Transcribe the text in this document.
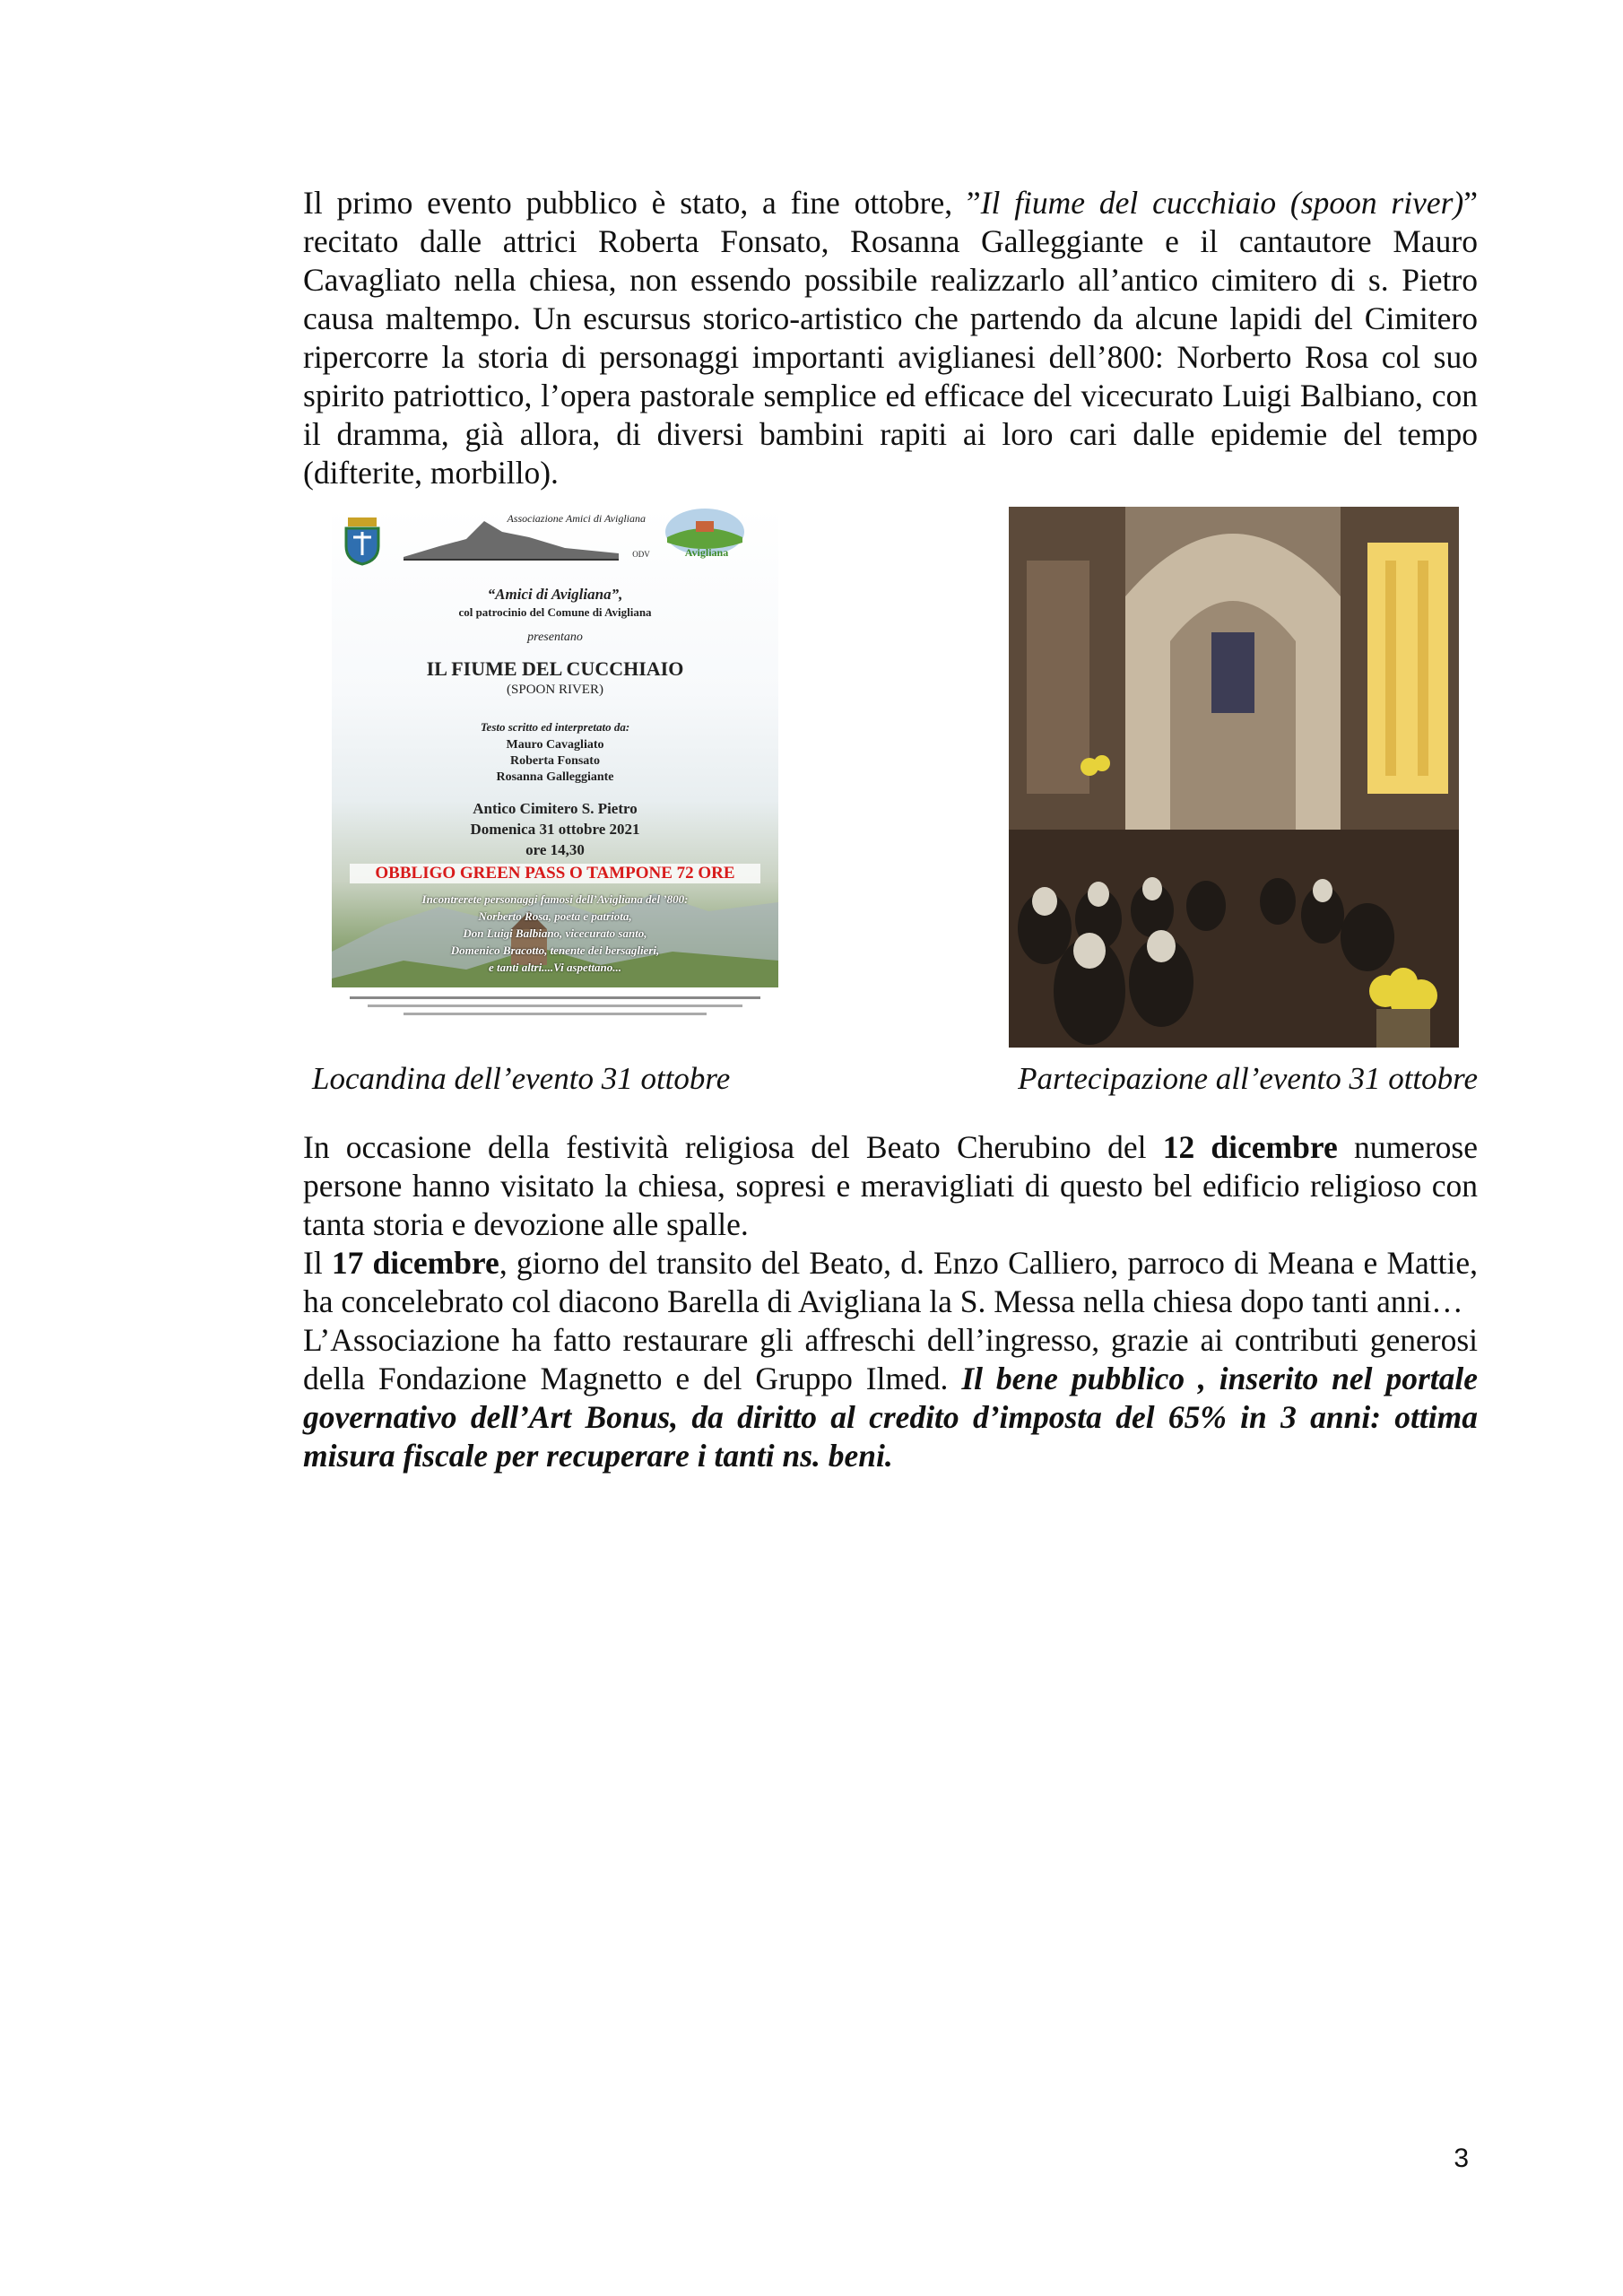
Il primo evento pubblico è stato, a fine ottobre, ”Il fiume del cucchiaio (spoon river)” recitato dalle attrici Roberta Fonsato, Rosanna Galleggiante e il cantautore Mauro Cavagliato nella chiesa, non essendo possibile realizzarlo all’antico cimitero di s. Pietro causa maltempo. Un escursus storico-artistico che partendo da alcune lapidi del Cimitero ripercorre la storia di personaggi importanti aviglianesi dell’800: Norberto Rosa col suo spirito patriottico, l’opera pastorale semplice ed efficace del vicecurato Luigi Balbiano, con il dramma, già allora, di diversi bambini rapiti ai loro cari dalle epidemie del tempo (difterite, morbillo).
Associazione Amici di Avigliana
ODV	Avigliana
“Amici di Avigliana”,
col patrocinio del Comune di Avigliana
presentano
IL FIUME DEL CUCCHIAIO
(SPOON RIVER)
Testo scritto ed interpretato da:
Mauro Cavagliato
Roberta Fonsato
Rosanna Galleggiante
Antico Cimitero S. Pietro
Domenica 31 ottobre 2021
ore 14,30
OBBLIGO GREEN PASS O TAMPONE 72 ORE
Incontrerete personaggi famosi dell’Avigliana del ’800:
Norberto Rosa, poeta e patriota,
Don Luigi Balbiano, vicecurato santo,
Domenico Bracotto, tenente dei bersaglieri,
e tanti altri....Vi aspettano...
Locandina dell’evento 31 ottobre	Partecipazione all’evento 31 ottobre
In occasione della festività religiosa del Beato Cherubino del 12 dicembre numerose persone hanno visitato la chiesa, sopresi e meravigliati di questo bel edificio religioso con tanta storia e devozione alle spalle.
Il 17 dicembre, giorno del transito del Beato, d. Enzo Calliero, parroco di Meana e Mattie, ha concelebrato col diacono Barella di Avigliana la S. Messa nella chiesa dopo tanti anni…
L’Associazione ha fatto restaurare gli affreschi dell’ingresso, grazie ai contributi generosi della Fondazione Magnetto e del Gruppo Ilmed. Il bene pubblico , inserito nel portale governativo dell’Art Bonus, da diritto al credito d’imposta del 65% in 3 anni: ottima misura fiscale per recuperare i tanti ns. beni.
3
